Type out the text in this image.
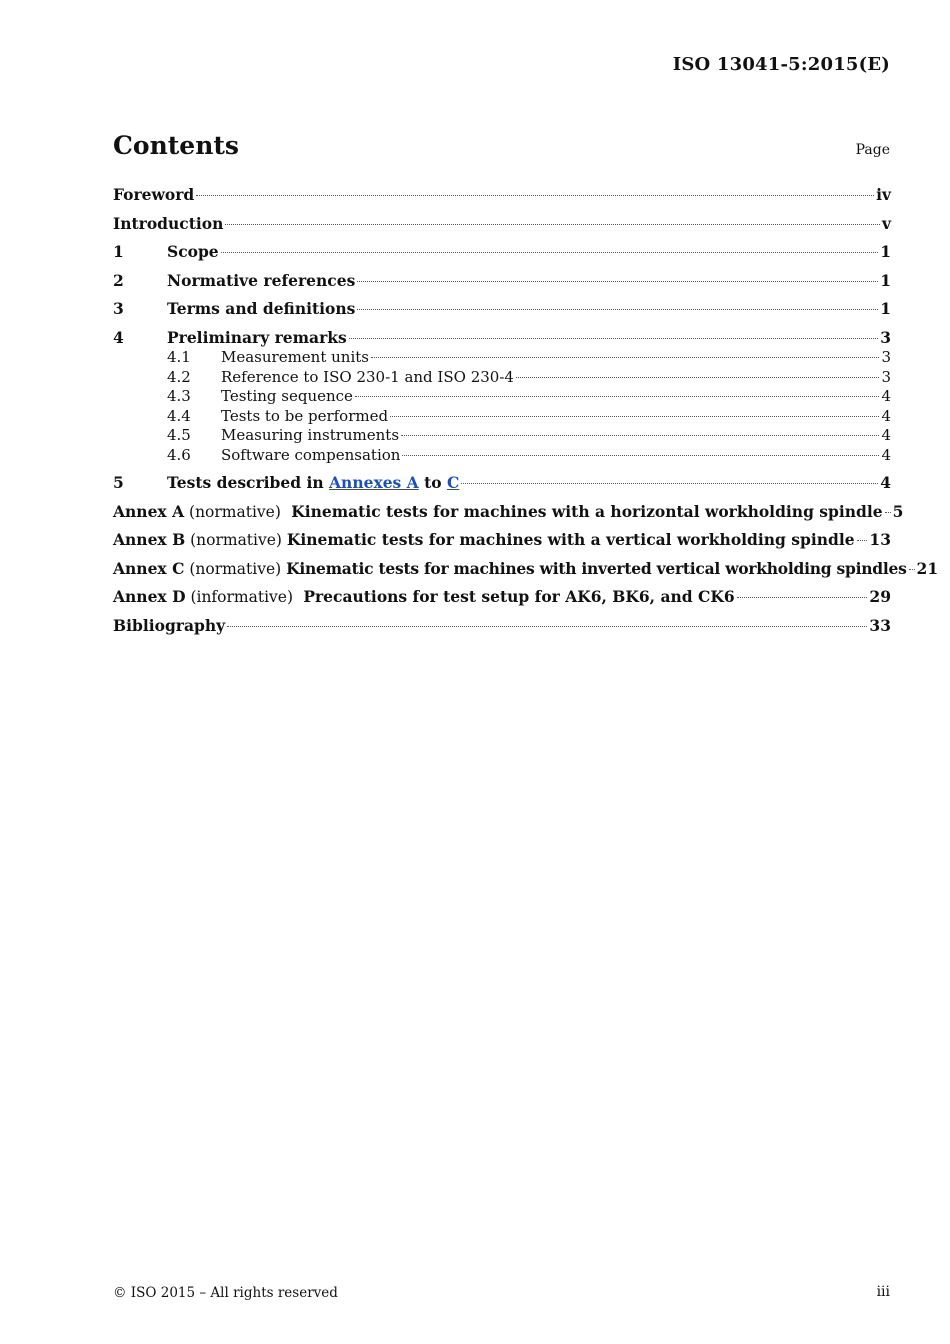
ISO 13041-5:2015(E)
Contents	Page
Foreword	iv
Introduction	v
1	Scope	1
2	Normative references	1
3	Terms and definitions	1
4	Preliminary remarks	3
4.1	Measurement units	3
4.2	Reference to ISO 230-1 and ISO 230-4	3
4.3	Testing sequence	4
4.4	Tests to be performed	4
4.5	Measuring instruments	4
4.6	Software compensation	4
5	Tests described in Annexes A to C	4
Annex A (normative) Kinematic tests for machines with a horizontal workholding spindle 5
Annex B (normative) Kinematic tests for machines with a vertical workholding spindle 13
Annex C (normative) Kinematic tests for machines with inverted vertical workholding spindles 21
Annex D (informative) Precautions for test setup for AK6, BK6, and CK6	29
Bibliography	33
© ISO 2015 – All rights reserved	iii
